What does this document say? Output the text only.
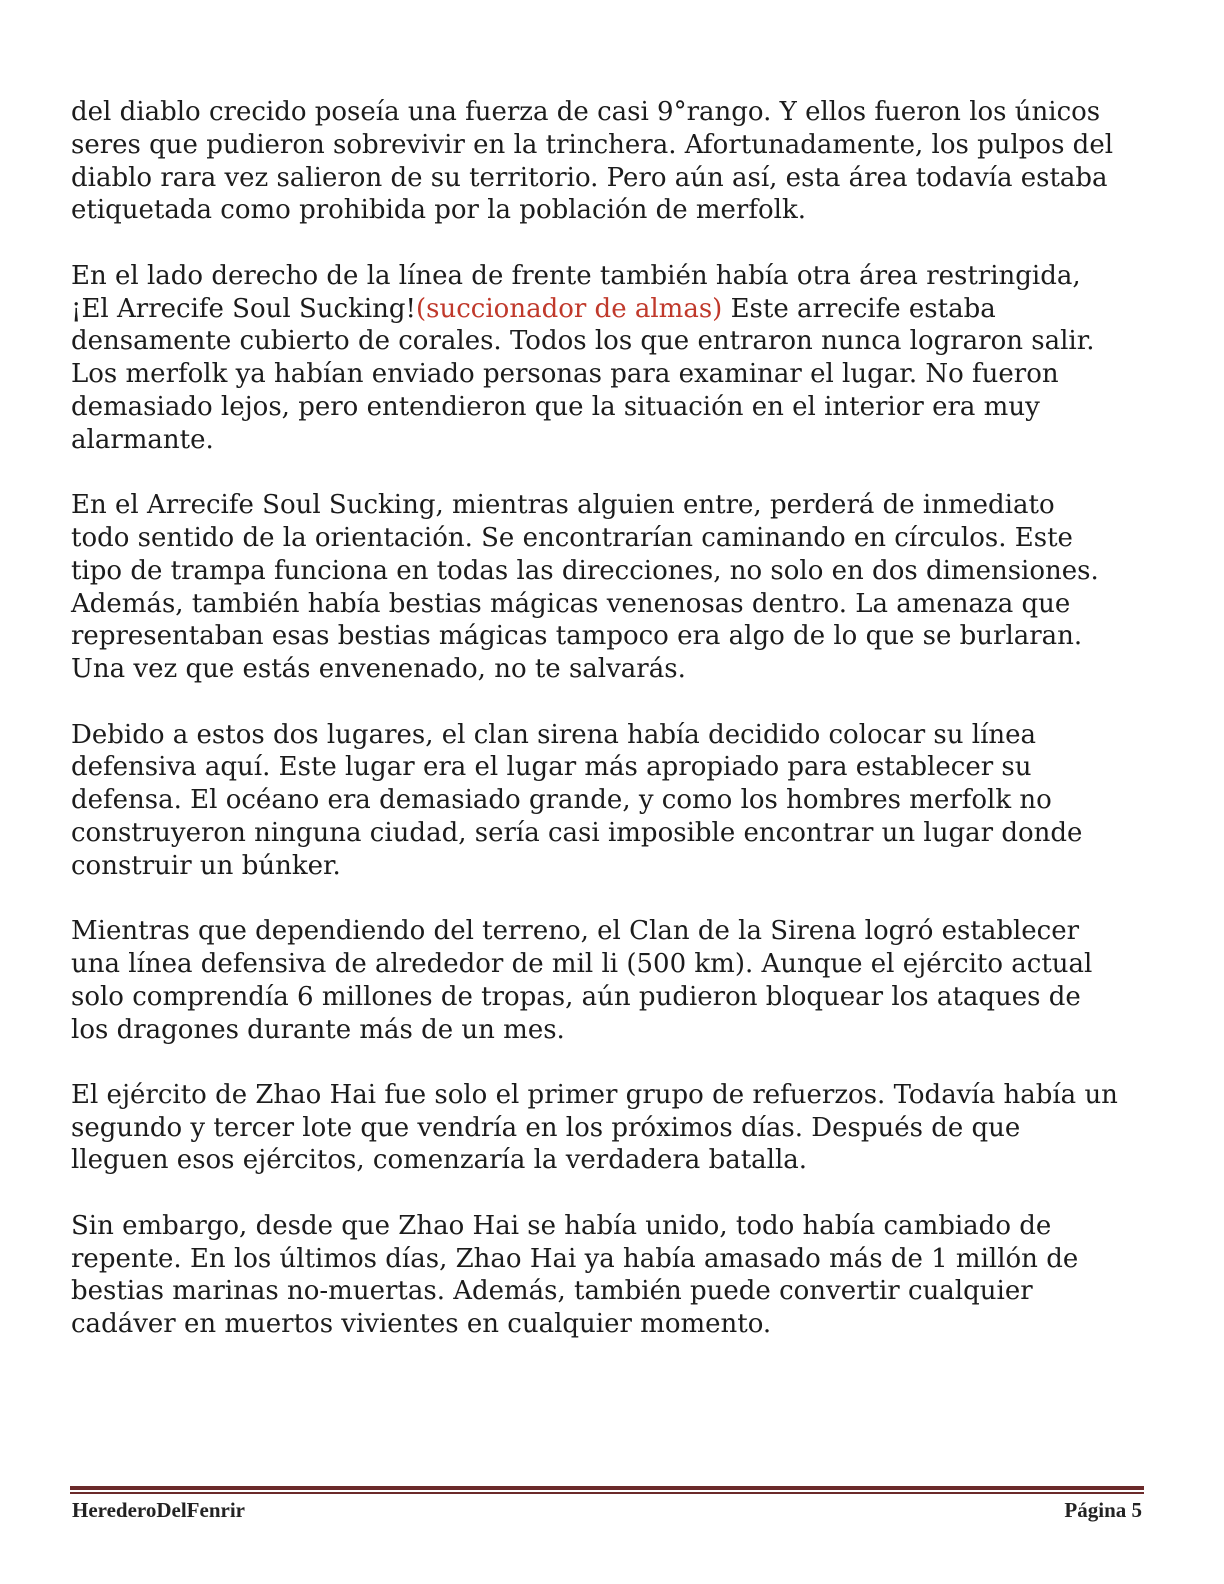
del diablo crecido poseía una fuerza de casi 9°rango. Y ellos fueron los únicos
seres que pudieron sobrevivir en la trinchera. Afortunadamente, los pulpos del
diablo rara vez salieron de su territorio. Pero aún así, esta área todavía estaba
etiquetada como prohibida por la población de merfolk.
En el lado derecho de la línea de frente también había otra área restringida,
¡El Arrecife Soul Sucking!(succionador de almas) Este arrecife estaba
densamente cubierto de corales. Todos los que entraron nunca lograron salir.
Los merfolk ya habían enviado personas para examinar el lugar. No fueron
demasiado lejos, pero entendieron que la situación en el interior era muy
alarmante.
En el Arrecife Soul Sucking, mientras alguien entre, perderá de inmediato
todo sentido de la orientación. Se encontrarían caminando en círculos. Este
tipo de trampa funciona en todas las direcciones, no solo en dos dimensiones.
Además, también había bestias mágicas venenosas dentro. La amenaza que
representaban esas bestias mágicas tampoco era algo de lo que se burlaran.
Una vez que estás envenenado, no te salvarás.
Debido a estos dos lugares, el clan sirena había decidido colocar su línea
defensiva aquí. Este lugar era el lugar más apropiado para establecer su
defensa. El océano era demasiado grande, y como los hombres merfolk no
construyeron ninguna ciudad, sería casi imposible encontrar un lugar donde
construir un búnker.
Mientras que dependiendo del terreno, el Clan de la Sirena logró establecer
una línea defensiva de alrededor de mil li (500 km). Aunque el ejército actual
solo comprendía 6 millones de tropas, aún pudieron bloquear los ataques de
los dragones durante más de un mes.
El ejército de Zhao Hai fue solo el primer grupo de refuerzos. Todavía había un
segundo y tercer lote que vendría en los próximos días. Después de que
lleguen esos ejércitos, comenzaría la verdadera batalla.
Sin embargo, desde que Zhao Hai se había unido, todo había cambiado de
repente. En los últimos días, Zhao Hai ya había amasado más de 1 millón de
bestias marinas no-muertas. Además, también puede convertir cualquier
cadáver en muertos vivientes en cualquier momento.
HerederoDelFenrir	Página 5
